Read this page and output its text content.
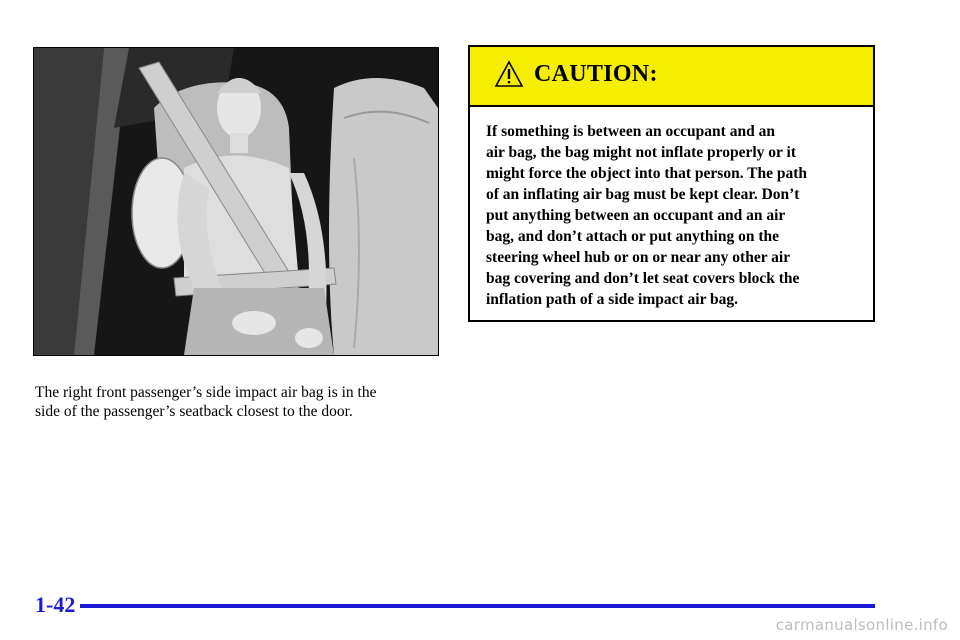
The right front passenger’s side impact air bag is in the
side of the passenger’s seatback closest to the door.
CAUTION:
If something is between an occupant and an
air bag, the bag might not inflate properly or it
might force the object into that person. The path
of an inflating air bag must be kept clear. Don’t
put anything between an occupant and an air
bag, and don’t attach or put anything on the
steering wheel hub or on or near any other air
bag covering and don’t let seat covers block the
inflation path of a side impact air bag.
1-42
carmanualsonline.info
